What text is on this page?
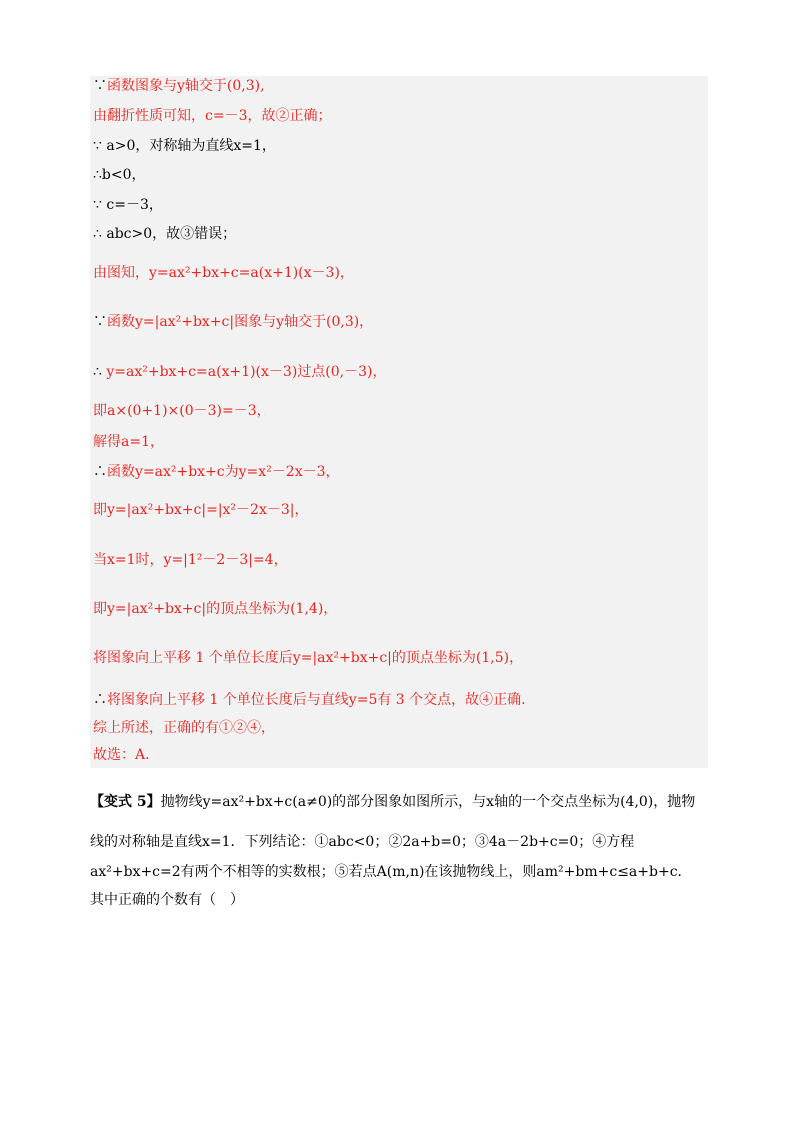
∵函数图象与y轴交于(0,3),
由翻折性质可知，c=－3，故②正确；
∵ a>0，对称轴为直线x=1，
∴b<0，
∵ c=－3，
∴ abc>0，故③错误；
由图知，y=ax²+bx+c=a(x+1)(x－3)，
∵函数y=|ax²+bx+c|图象与y轴交于(0,3)，
∴ y=ax²+bx+c=a(x+1)(x－3)过点(0,－3)，
即a×(0+1)×(0－3)=－3，
解得a=1，
∴函数y=ax²+bx+c为y=x²－2x－3，
即y=|ax²+bx+c|=|x²－2x－3|，
当x=1时，y=|1²－2－3|=4，
即y=|ax²+bx+c|的顶点坐标为(1,4)，
将图象向上平移 1 个单位长度后y=|ax²+bx+c|的顶点坐标为(1,5)，
∴将图象向上平移 1 个单位长度后与直线y=5有 3 个交点，故④正确.
综上所述，正确的有①②④，
故选：A.
【变式 5】抛物线y=ax²+bx+c(a≠0)的部分图象如图所示，与x轴的一个交点坐标为(4,0)，抛物
线的对称轴是直线x=1．下列结论：①abc<0；②2a+b=0；③4a－2b+c=0；④方程
ax²+bx+c=2有两个不相等的实数根；⑤若点A(m,n)在该抛物线上，则am²+bm+c≤a+b+c．
其中正确的个数有（　）
